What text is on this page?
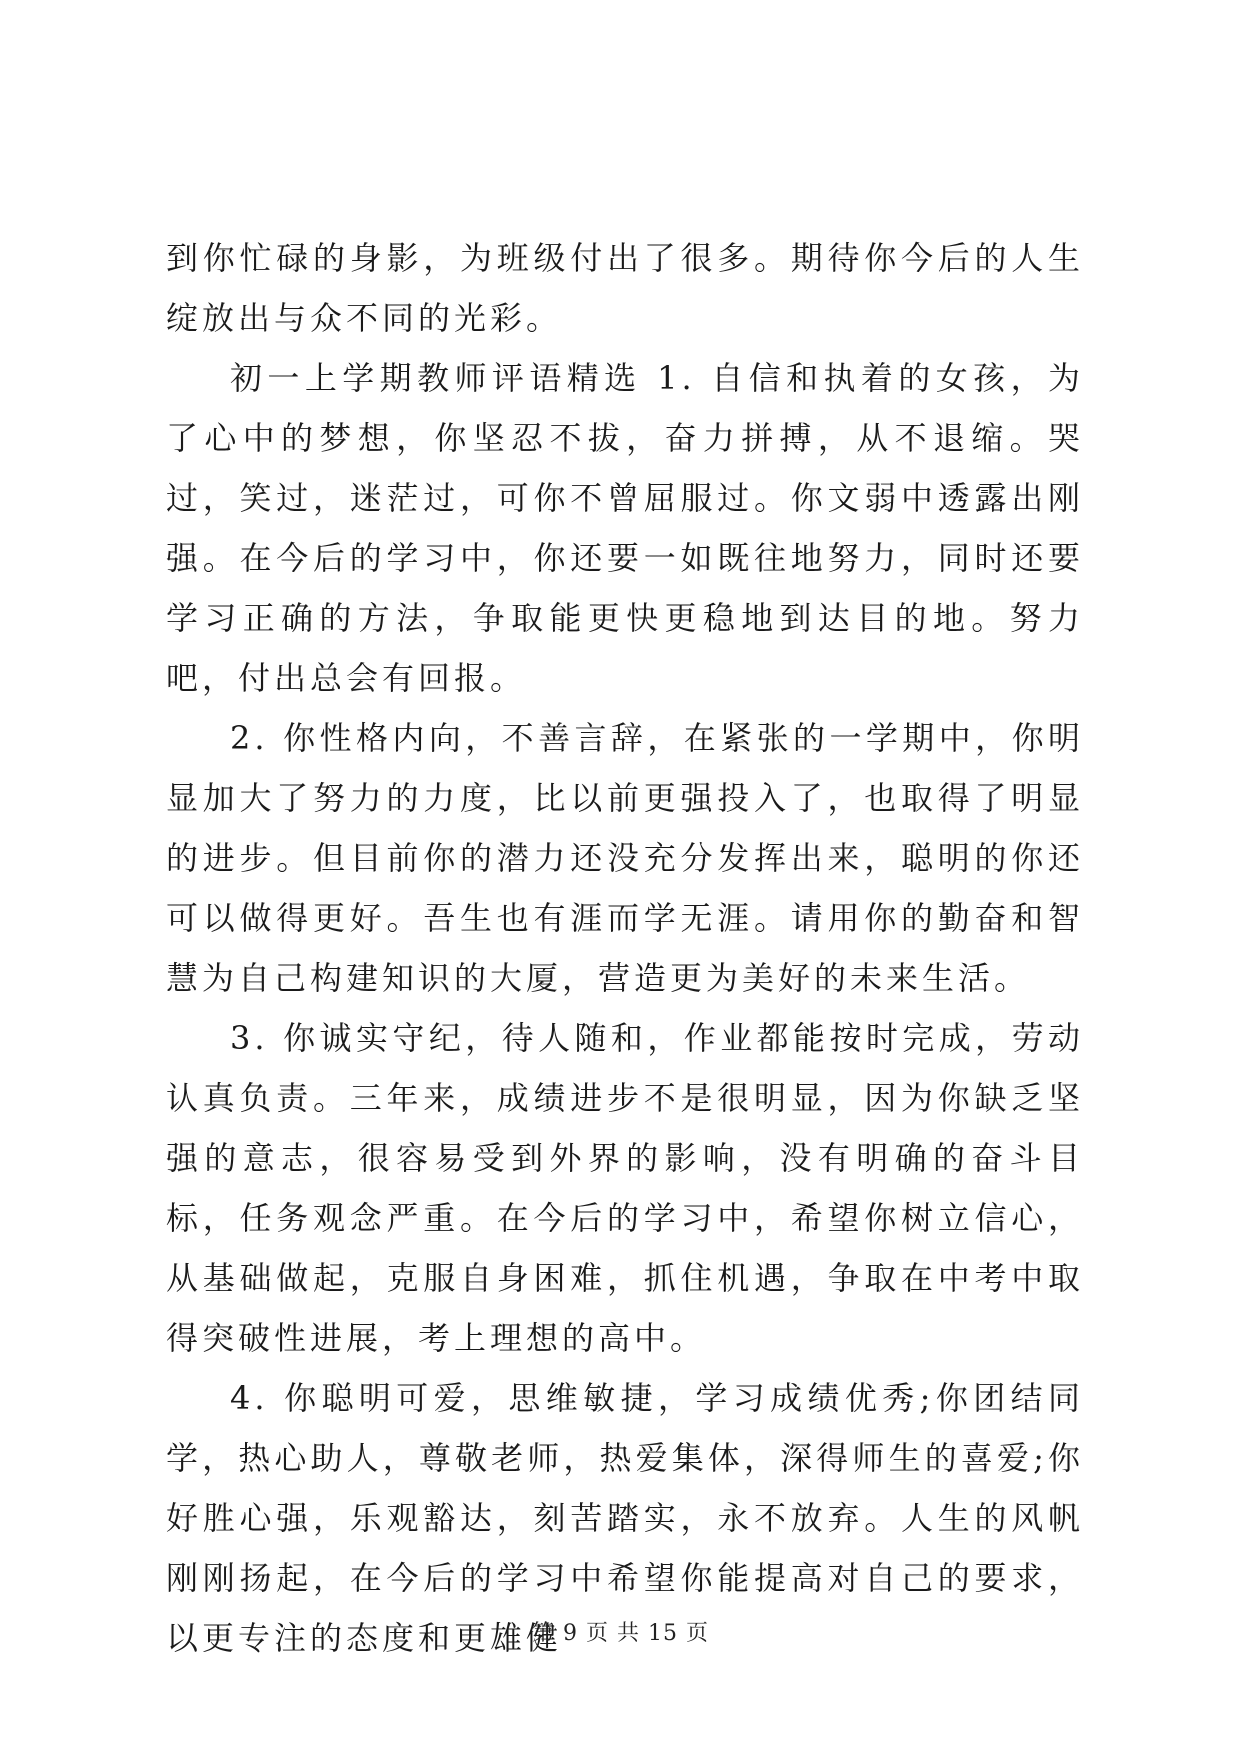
到你忙碌的身影，为班级付出了很多。期待你今后的人生绽放出与众不同的光彩。

初一上学期教师评语精选 1. 自信和执着的女孩，为了心中的梦想，你坚忍不拔，奋力拼搏，从不退缩。哭过，笑过，迷茫过，可你不曾屈服过。你文弱中透露出刚强。在今后的学习中，你还要一如既往地努力，同时还要学习正确的方法，争取能更快更稳地到达目的地。努力吧，付出总会有回报。

2. 你性格内向，不善言辞，在紧张的一学期中，你明显加大了努力的力度，比以前更强投入了，也取得了明显的进步。但目前你的潜力还没充分发挥出来，聪明的你还可以做得更好。吾生也有涯而学无涯。请用你的勤奋和智慧为自己构建知识的大厦，营造更为美好的未来生活。

3. 你诚实守纪，待人随和，作业都能按时完成，劳动认真负责。三年来，成绩进步不是很明显，因为你缺乏坚强的意志，很容易受到外界的影响，没有明确的奋斗目标，任务观念严重。在今后的学习中，希望你树立信心，从基础做起，克服自身困难，抓住机遇，争取在中考中取得突破性进展，考上理想的高中。

4. 你聪明可爱，思维敏捷，学习成绩优秀;你团结同学，热心助人，尊敬老师，热爱集体，深得师生的喜爱;你好胜心强，乐观豁达，刻苦踏实，永不放弃。人生的风帆刚刚扬起，在今后的学习中希望你能提高对自己的要求，以更专注的态度和更雄健

第 9 页 共 15 页
